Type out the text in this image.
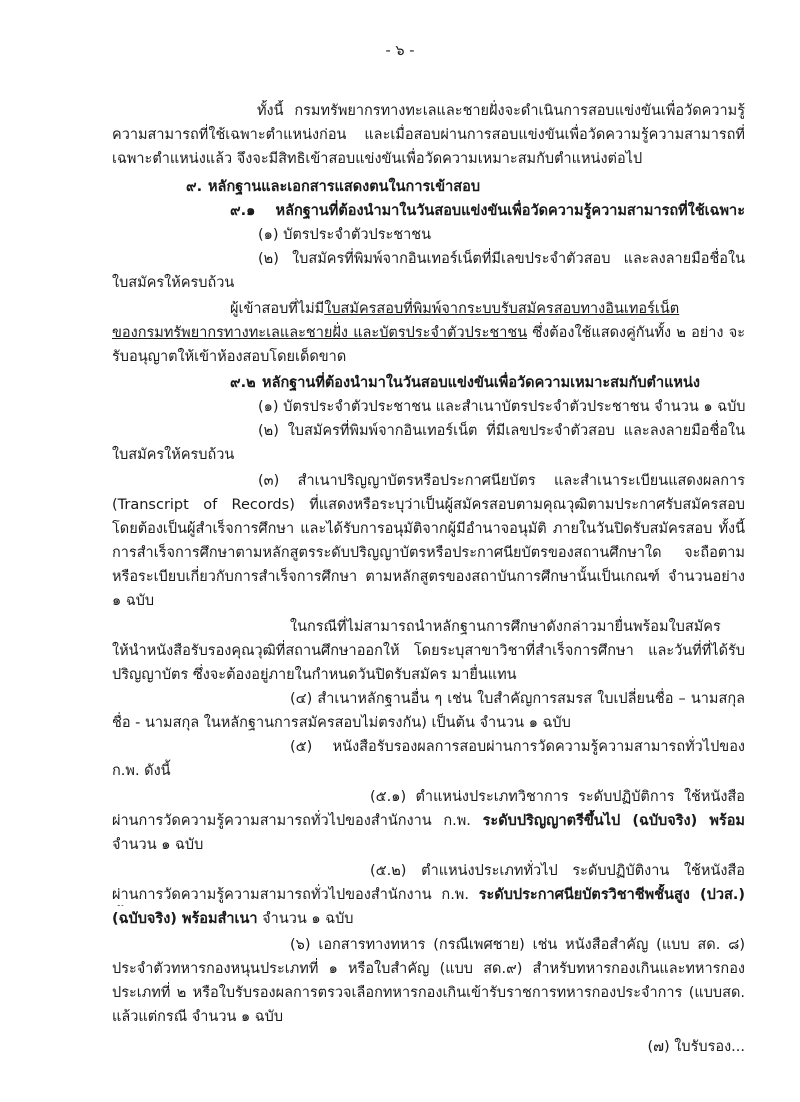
- ๖ -
ทั้งนี้ กรมทรัพยากรทางทะเลและชายฝั่งจะดำเนินการสอบแข่งขันเพื่อวัดความรู้
ความสามารถที่ใช้เฉพาะตำแหน่งก่อน และเมื่อสอบผ่านการสอบแข่งขันเพื่อวัดความรู้ความสามารถที่
เฉพาะตำแหน่งแล้ว จึงจะมีสิทธิเข้าสอบแข่งขันเพื่อวัดความเหมาะสมกับตำแหน่งต่อไป
๙. หลักฐานและเอกสารแสดงตนในการเข้าสอบ
๙.๑ หลักฐานที่ต้องนำมาในวันสอบแข่งขันเพื่อวัดความรู้ความสามารถที่ใช้เฉพาะ
(๑) บัตรประจำตัวประชาชน
(๒) ใบสมัครที่พิมพ์จากอินเทอร์เน็ตที่มีเลขประจำตัวสอบ และลงลายมือชื่อใน
ใบสมัครให้ครบถ้วน
ผู้เข้าสอบที่ไม่มีใบสมัครสอบที่พิมพ์จากระบบรับสมัครสอบทางอินเทอร์เน็ต
ของกรมทรัพยากรทางทะเลและชายฝั่ง และบัตรประจำตัวประชาชน ซึ่งต้องใช้แสดงคู่กันทั้ง ๒ อย่าง จะ
รับอนุญาตให้เข้าห้องสอบโดยเด็ดขาด
๙.๒ หลักฐานที่ต้องนำมาในวันสอบแข่งขันเพื่อวัดความเหมาะสมกับตำแหน่ง
(๑) บัตรประจำตัวประชาชน และสำเนาบัตรประจำตัวประชาชน จำนวน ๑ ฉบับ
(๒) ใบสมัครที่พิมพ์จากอินเทอร์เน็ต ที่มีเลขประจำตัวสอบ และลงลายมือชื่อใน
ใบสมัครให้ครบถ้วน
(๓) สำเนาปริญญาบัตรหรือประกาศนียบัตร และสำเนาระเบียนแสดงผลการ
(Transcript of Records) ที่แสดงหรือระบุว่าเป็นผู้สมัครสอบตามคุณวุฒิตามประกาศรับสมัครสอบ
โดยต้องเป็นผู้สำเร็จการศึกษา และได้รับการอนุมัติจากผู้มีอำนาจอนุมัติ ภายในวันปิดรับสมัครสอบ ทั้งนี้
การสำเร็จการศึกษาตามหลักสูตรระดับปริญญาบัตรหรือประกาศนียบัตรของสถานศึกษาใด จะถือตาม
หรือระเบียบเกี่ยวกับการสำเร็จการศึกษา ตามหลักสูตรของสถาบันการศึกษานั้นเป็นเกณฑ์ จำนวนอย่าง
๑ ฉบับ
ในกรณีที่ไม่สามารถนำหลักฐานการศึกษาดังกล่าวมายื่นพร้อมใบสมัคร
ให้นำหนังสือรับรองคุณวุฒิที่สถานศึกษาออกให้ โดยระบุสาขาวิชาที่สำเร็จการศึกษา และวันที่ที่ได้รับ
ปริญญาบัตร ซึ่งจะต้องอยู่ภายในกำหนดวันปิดรับสมัคร มายื่นแทน
(๔) สำเนาหลักฐานอื่น ๆ เช่น ใบสำคัญการสมรส ใบเปลี่ยนชื่อ – นามสกุล
ชื่อ - นามสกุล ในหลักฐานการสมัครสอบไม่ตรงกัน) เป็นต้น จำนวน ๑ ฉบับ
(๕) หนังสือรับรองผลการสอบผ่านการวัดความรู้ความสามารถทั่วไปของ
ก.พ. ดังนี้
(๕.๑) ตำแหน่งประเภทวิชาการ ระดับปฏิบัติการ ใช้หนังสือ
ผ่านการวัดความรู้ความสามารถทั่วไปของสำนักงาน ก.พ. ระดับปริญญาตรีขึ้นไป (ฉบับจริง) พร้อม
จำนวน ๑ ฉบับ
(๕.๒) ตำแหน่งประเภททั่วไป ระดับปฏิบัติงาน ใช้หนังสือ
ผ่านการวัดความรู้ความสามารถทั่วไปของสำนักงาน ก.พ. ระดับประกาศนียบัตรวิชาชีพชั้นสูง (ปวส.)
(ฉบับจริง) พร้อมสำเนา จำนวน ๑ ฉบับ
(๖) เอกสารทางทหาร (กรณีเพศชาย) เช่น หนังสือสำคัญ (แบบ สด. ๘)
ประจำตัวทหารกองหนุนประเภทที่ ๑ หรือใบสำคัญ (แบบ สด.๙) สำหรับทหารกองเกินและทหารกอง
ประเภทที่ ๒ หรือใบรับรองผลการตรวจเลือกทหารกองเกินเข้ารับราชการทหารกองประจำการ (แบบสด.
แล้วแต่กรณี จำนวน ๑ ฉบับ
(๗) ใบรับรอง...
